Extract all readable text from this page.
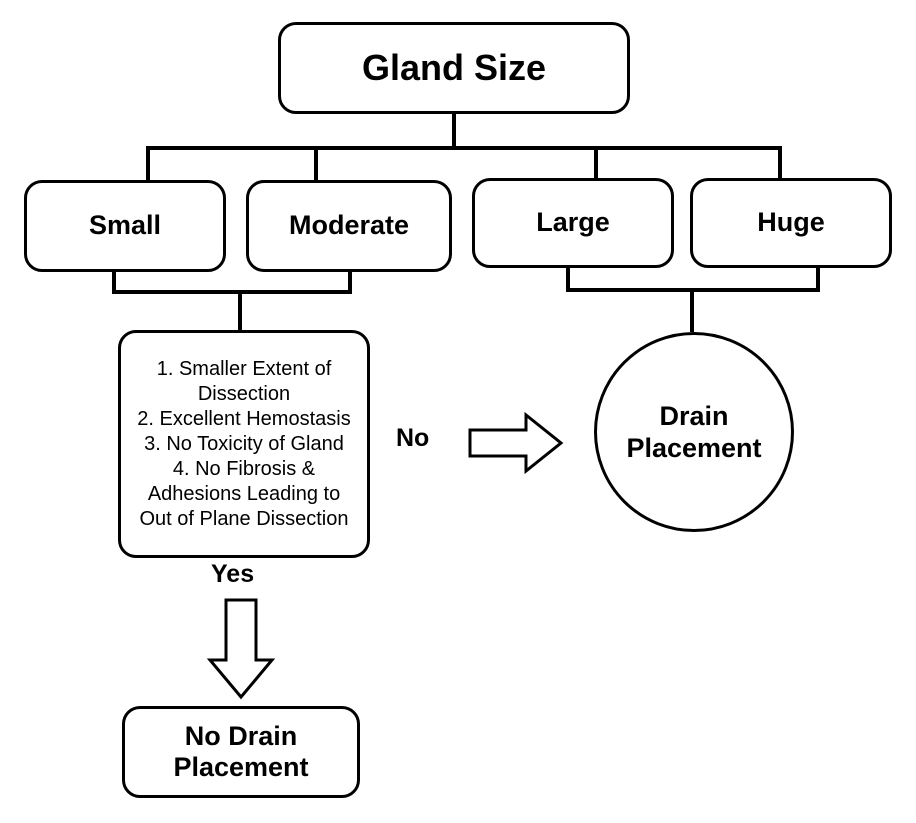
Gland Size
Small	Moderate	Large	Huge
1. Smaller Extent of
Dissection
2. Excellent Hemostasis
3. No Toxicity of Gland
4. No Fibrosis &
Adhesions Leading to
Out of Plane Dissection
No
Drain
Placement
Yes
No Drain
Placement
